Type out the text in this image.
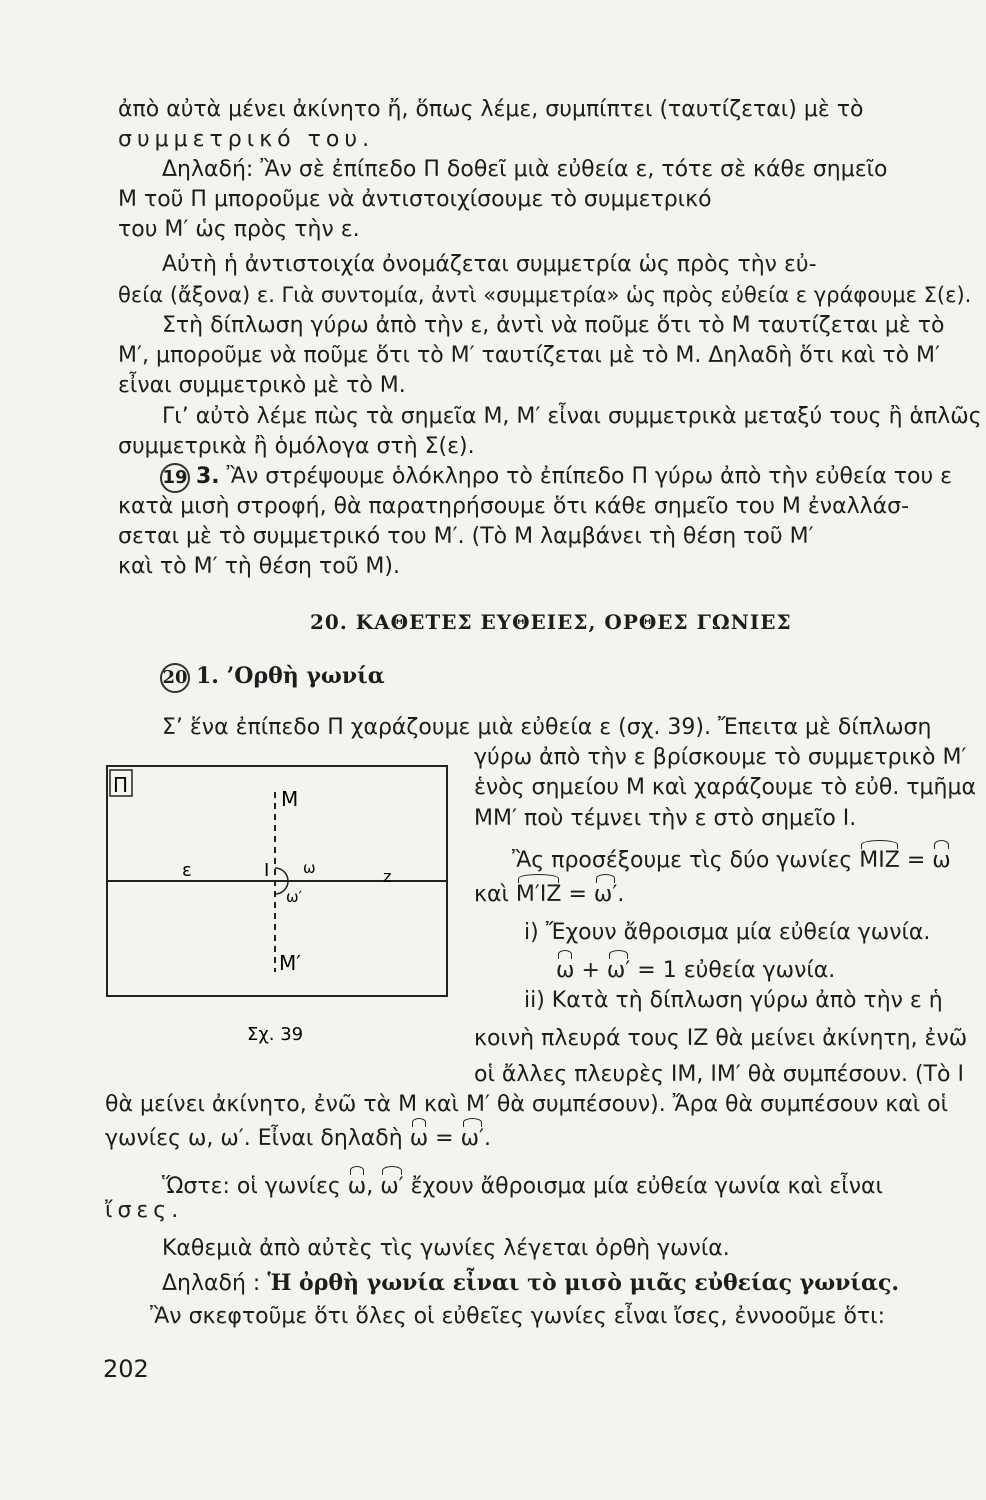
ἀπὸ αὐτὰ μένει ἀκίνητο ἤ, ὅπως λέμε, συμπίπτει (ταυτίζεται) μὲ τὸ
συμμετρικό του.
Δηλαδή: Ἂν σὲ ἐπίπεδο Π δοθεῖ μιὰ εὐθεία ε, τότε σὲ κάθε σημεῖο
Μ τοῦ Π μποροῦμε νὰ ἀντιστοιχίσουμε τὸ συμμετρικό
του Μ′ ὡς πρὸς τὴν ε.
Αὐτὴ ἡ ἀντιστοιχία ὀνομάζεται συμμετρία ὡς πρὸς τὴν εὐ-
θεία (ἄξονα) ε. Γιὰ συντομία, ἀντὶ «συμμετρία» ὡς πρὸς εὐθεία ε γράφουμε Σ(ε).
Στὴ δίπλωση γύρω ἀπὸ τὴν ε, ἀντὶ νὰ ποῦμε ὅτι τὸ Μ ταυτίζεται μὲ τὸ
Μ′, μποροῦμε νὰ ποῦμε ὅτι τὸ Μ′ ταυτίζεται μὲ τὸ Μ. Δηλαδὴ ὅτι καὶ τὸ Μ′
εἶναι συμμετρικὸ μὲ τὸ Μ.
Γι’ αὐτὸ λέμε πὼς τὰ σημεῖα Μ, Μ′ εἶναι συμμετρικὰ μεταξύ τους ἢ ἁπλῶς
συμμετρικὰ ἢ ὁμόλογα στὴ Σ(ε).
19 3. Ἂν στρέψουμε ὁλόκληρο τὸ ἐπίπεδο Π γύρω ἀπὸ τὴν εὐθεία του ε
κατὰ μισὴ στροφή, θὰ παρατηρήσουμε ὅτι κάθε σημεῖο του Μ ἐναλλάσ-
σεται μὲ τὸ συμμετρικό του Μ′. (Τὸ Μ λαμβάνει τὴ θέση τοῦ Μ′
καὶ τὸ Μ′ τὴ θέση τοῦ Μ).
20. ΚΑΘΕΤΕΣ ΕΥΘΕΙΕΣ, ΟΡΘΕΣ ΓΩΝΙΕΣ
20 1. ’Ορθὴ γωνία
Σ’ ἕνα ἐπίπεδο Π χαράζουμε μιὰ εὐθεία ε (σχ. 39). Ἔπειτα μὲ δίπλωση
γύρω ἀπὸ τὴν ε βρίσκουμε τὸ συμμετρικὸ Μ′
ἑνὸς σημείου Μ καὶ χαράζουμε τὸ εὐθ. τμῆμα
ΜΜ′ ποὺ τέμνει τὴν ε στὸ σημεῖο Ι.
Ἂς προσέξουμε τὶς δύο γωνίες ΜΙΖ = ω
καὶ Μ′ΙΖ = ω′.
i) Ἔχουν ἄθροισμα μία εὐθεία γωνία.
ω + ω′ = 1 εὐθεία γωνία.
ii) Κατὰ τὴ δίπλωση γύρω ἀπὸ τὴν ε ἡ
κοινὴ πλευρά τους ΙΖ θὰ μείνει ἀκίνητη, ἐνῶ
οἱ ἄλλες πλευρὲς ΙΜ, ΙΜ′ θὰ συμπέσουν. (Τὸ Ι
θὰ μείνει ἀκίνητο, ἐνῶ τὰ Μ καὶ Μ′ θὰ συμπέσουν). Ἄρα θὰ συμπέσουν καὶ οἱ
γωνίες ω, ω′. Εἶναι δηλαδὴ ω = ω′.
Ὥστε: οἱ γωνίες ω, ω′ ἔχουν ἄθροισμα μία εὐθεία γωνία καὶ εἶναι
ἴσες.
Καθεμιὰ ἀπὸ αὐτὲς τὶς γωνίες λέγεται ὀρθὴ γωνία.
Δηλαδή : Ἡ ὀρθὴ γωνία εἶναι τὸ μισὸ μιᾶς εὐθείας γωνίας.
Ἂν σκεφτοῦμε ὅτι ὅλες οἱ εὐθεῖες γωνίες εἶναι ἴσες, ἐννοοῦμε ὅτι:
202
Π
Μ
Μ′
ε	Ι	z
ω
ω′
Σχ. 39
